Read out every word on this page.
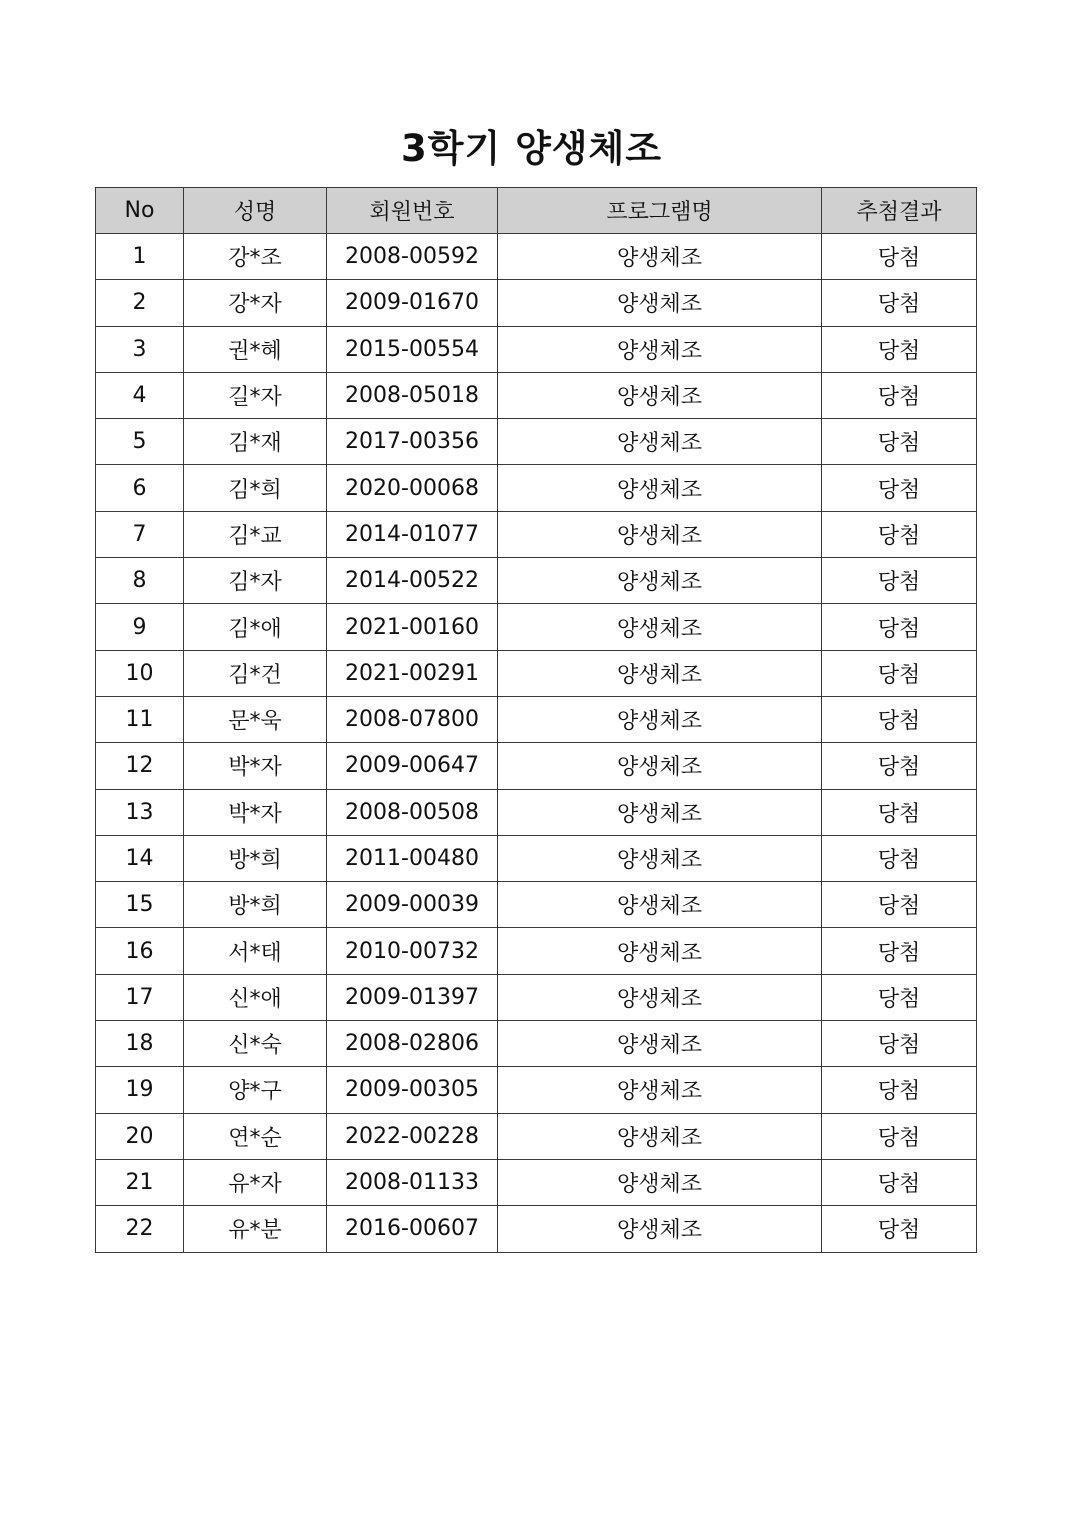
3학기 양생체조
No	성명	회원번호	프로그램명	추첨결과
1	강*조	2008-00592	양생체조	당첨
2	강*자	2009-01670	양생체조	당첨
3	권*혜	2015-00554	양생체조	당첨
4	길*자	2008-05018	양생체조	당첨
5	김*재	2017-00356	양생체조	당첨
6	김*희	2020-00068	양생체조	당첨
7	김*교	2014-01077	양생체조	당첨
8	김*자	2014-00522	양생체조	당첨
9	김*애	2021-00160	양생체조	당첨
10	김*건	2021-00291	양생체조	당첨
11	문*욱	2008-07800	양생체조	당첨
12	박*자	2009-00647	양생체조	당첨
13	박*자	2008-00508	양생체조	당첨
14	방*희	2011-00480	양생체조	당첨
15	방*희	2009-00039	양생체조	당첨
16	서*태	2010-00732	양생체조	당첨
17	신*애	2009-01397	양생체조	당첨
18	신*숙	2008-02806	양생체조	당첨
19	양*구	2009-00305	양생체조	당첨
20	연*순	2022-00228	양생체조	당첨
21	유*자	2008-01133	양생체조	당첨
22	유*분	2016-00607	양생체조	당첨
